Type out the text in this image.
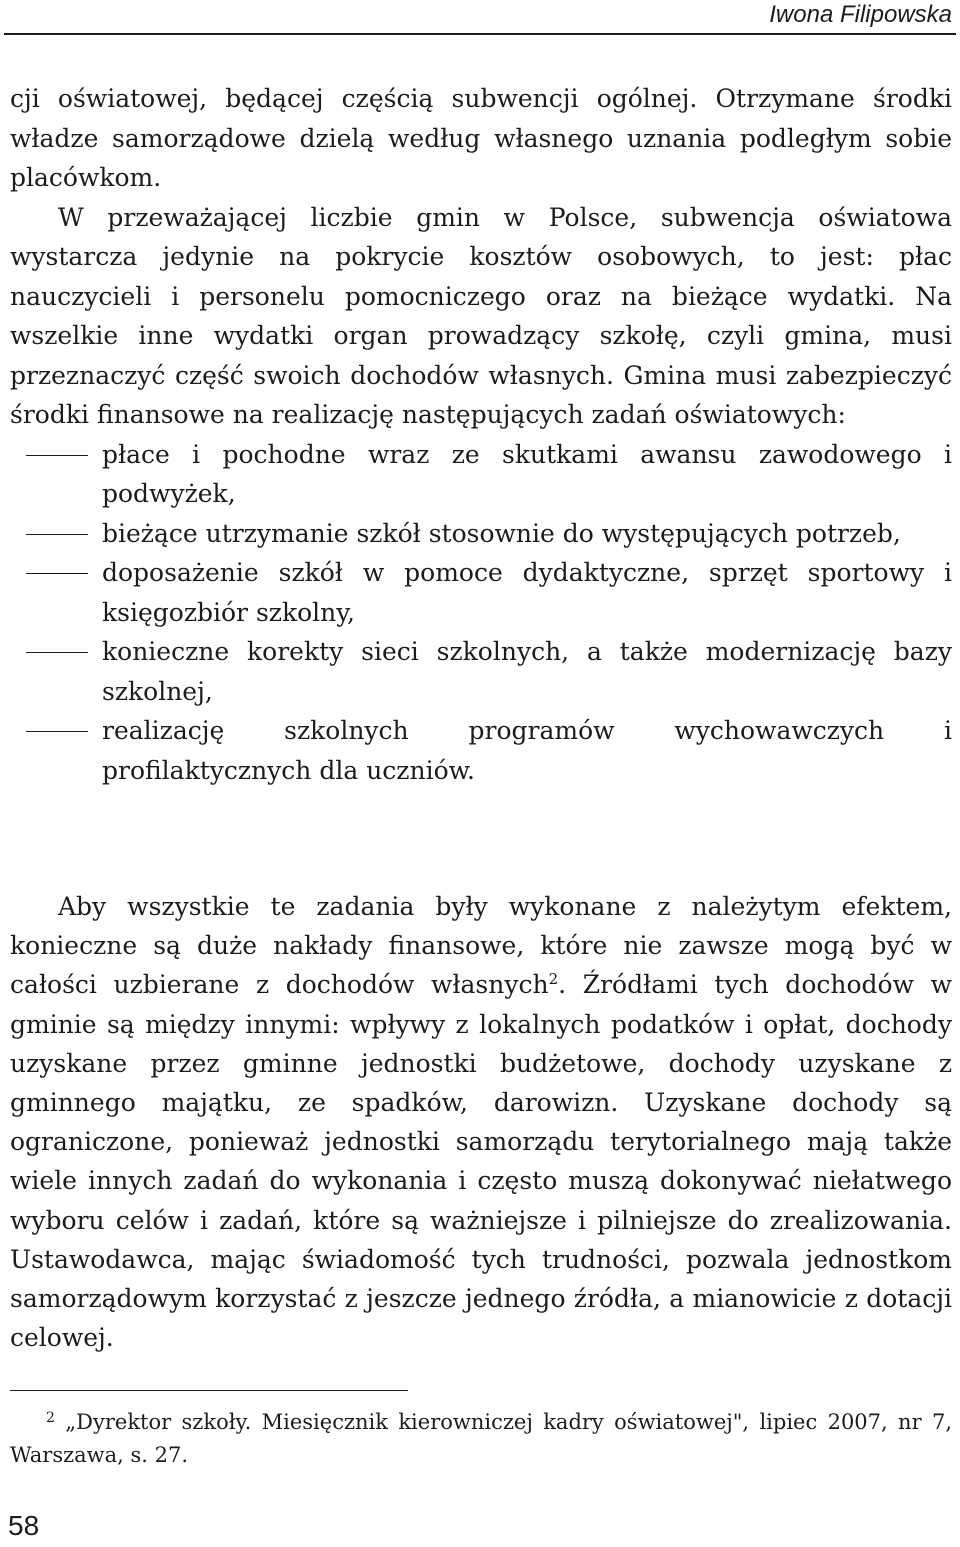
Iwona Filipowska

cji oświatowej, będącej częścią subwencji ogólnej. Otrzymane środki władze samorządowe dzielą według własnego uznania podległym sobie placówkom.

W przeważającej liczbie gmin w Polsce, subwencja oświatowa wystarcza jedynie na pokrycie kosztów osobowych, to jest: płac nauczycieli i personelu pomocniczego oraz na bieżące wydatki. Na wszelkie inne wydatki organ prowadzący szkołę, czyli gmina, musi przeznaczyć część swoich dochodów własnych. Gmina musi zabezpieczyć środki finansowe na realizację następujących zadań oświatowych:

płace i pochodne wraz ze skutkami awansu zawodowego i podwyżek,
bieżące utrzymanie szkół stosownie do występujących potrzeb,
doposażenie szkół w pomoce dydaktyczne, sprzęt sportowy i księgozbiór szkolny,
konieczne korekty sieci szkolnych, a także modernizację bazy szkolnej,
realizację szkolnych programów wychowawczych i profilaktycznych dla uczniów.

Aby wszystkie te zadania były wykonane z należytym efektem, konieczne są duże nakłady finansowe, które nie zawsze mogą być w całości uzbierane z dochodów własnych$^2$. Źródłami tych dochodów w gminie są między innymi: wpływy z lokalnych podatków i opłat, dochody uzyskane przez gminne jednostki budżetowe, dochody uzyskane z gminnego majątku, ze spadków, darowizn. Uzyskane dochody są ograniczone, ponieważ jednostki samorządu terytorialnego mają także wiele innych zadań do wykonania i często muszą dokonywać niełatwego wyboru celów i zadań, które są ważniejsze i pilniejsze do zrealizowania. Ustawodawca, mając świadomość tych trudności, pozwala jednostkom samorządowym korzystać z jeszcze jednego źródła, a mianowicie z dotacji celowej.

$^2$ „Dyrektor szkoły. Miesięcznik kierowniczej kadry oświatowej", lipiec 2007, nr 7, Warszawa, s. 27.
58
